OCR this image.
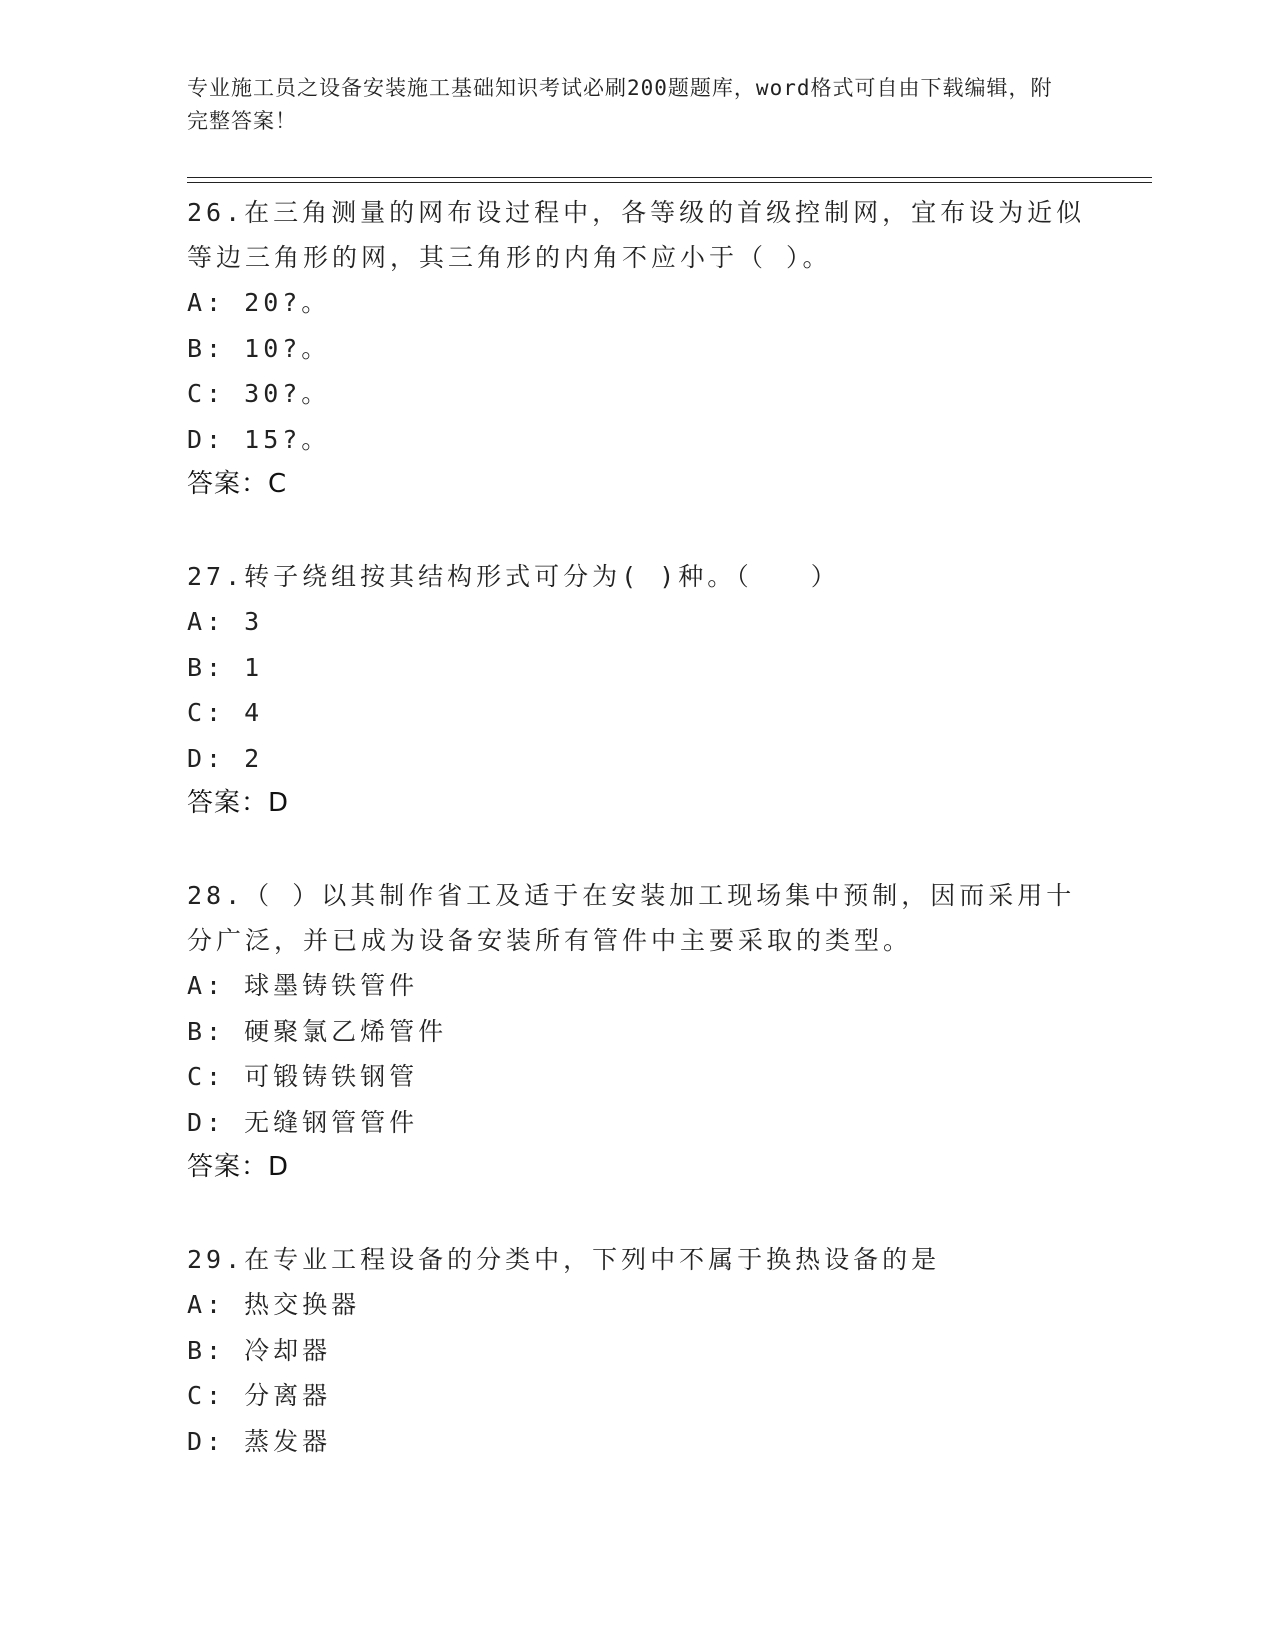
专业施工员之设备安装施工基础知识考试必刷200题题库，word格式可自由下载编辑，附完整答案！

26.在三角测量的网布设过程中，各等级的首级控制网，宜布设为近似等边三角形的网，其三角形的内角不应小于（ ）。

A: 20?。
B: 10?。
C: 30?。
D: 15?。
答案：C

27.转子绕组按其结构形式可分为( )种。（　　）

A: 3
B: 1
C: 4
D: 2
答案：D

28.（ ）以其制作省工及适于在安装加工现场集中预制，因而采用十分广泛，并已成为设备安装所有管件中主要采取的类型。

A: 球墨铸铁管件
B: 硬聚氯乙烯管件
C: 可锻铸铁钢管
D: 无缝钢管管件
答案：D

29.在专业工程设备的分类中，下列中不属于换热设备的是

A: 热交换器
B: 冷却器
C: 分离器
D: 蒸发器
